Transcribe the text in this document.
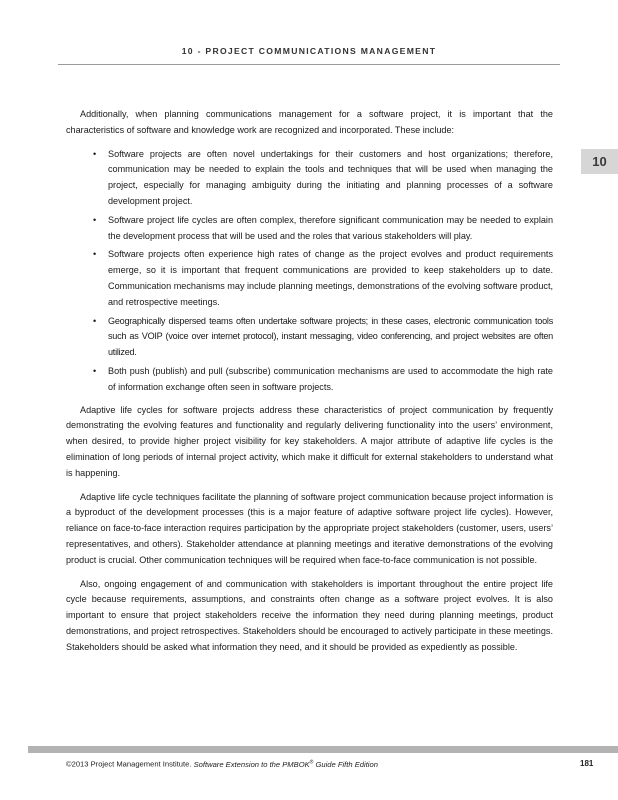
10 - PROJECT COMMUNICATIONS MANAGEMENT
10

Additionally, when planning communications management for a software project, it is important that the characteristics of software and knowledge work are recognized and incorporated. These include:

• Software projects are often novel undertakings for their customers and host organizations; therefore, communication may be needed to explain the tools and techniques that will be used when managing the project, especially for managing ambiguity during the initiating and planning processes of a software development project.
• Software project life cycles are often complex, therefore significant communication may be needed to explain the development process that will be used and the roles that various stakeholders will play.
• Software projects often experience high rates of change as the project evolves and product requirements emerge, so it is important that frequent communications are provided to keep stakeholders up to date. Communication mechanisms may include planning meetings, demonstrations of the evolving software product, and retrospective meetings.
• Geographically dispersed teams often undertake software projects; in these cases, electronic communication tools such as VOIP (voice over internet protocol), instant messaging, video conferencing, and project websites are often utilized.
• Both push (publish) and pull (subscribe) communication mechanisms are used to accommodate the high rate of information exchange often seen in software projects.

Adaptive life cycles for software projects address these characteristics of project communication by frequently demonstrating the evolving features and functionality and regularly delivering functionality into the users’ environment, when desired, to provide higher project visibility for key stakeholders. A major attribute of adaptive life cycles is the elimination of long periods of internal project activity, which make it difficult for external stakeholders to understand what is happening.

Adaptive life cycle techniques facilitate the planning of software project communication because project information is a byproduct of the development processes (this is a major feature of adaptive software project life cycles). However, reliance on face-to-face interaction requires participation by the appropriate project stakeholders (customer, users, users’ representatives, and others). Stakeholder attendance at planning meetings and iterative demonstrations of the evolving product is crucial. Other communication techniques will be required when face-to-face communication is not possible.

Also, ongoing engagement of and communication with stakeholders is important throughout the entire project life cycle because requirements, assumptions, and constraints often change as a software project evolves. It is also important to ensure that project stakeholders receive the information they need during planning meetings, product demonstrations, and project retrospectives. Stakeholders should be encouraged to actively participate in these meetings. Stakeholders should be asked what information they need, and it should be provided as expediently as possible.

©2013 Project Management Institute. Software Extension to the PMBOK® Guide Fifth Edition	181
